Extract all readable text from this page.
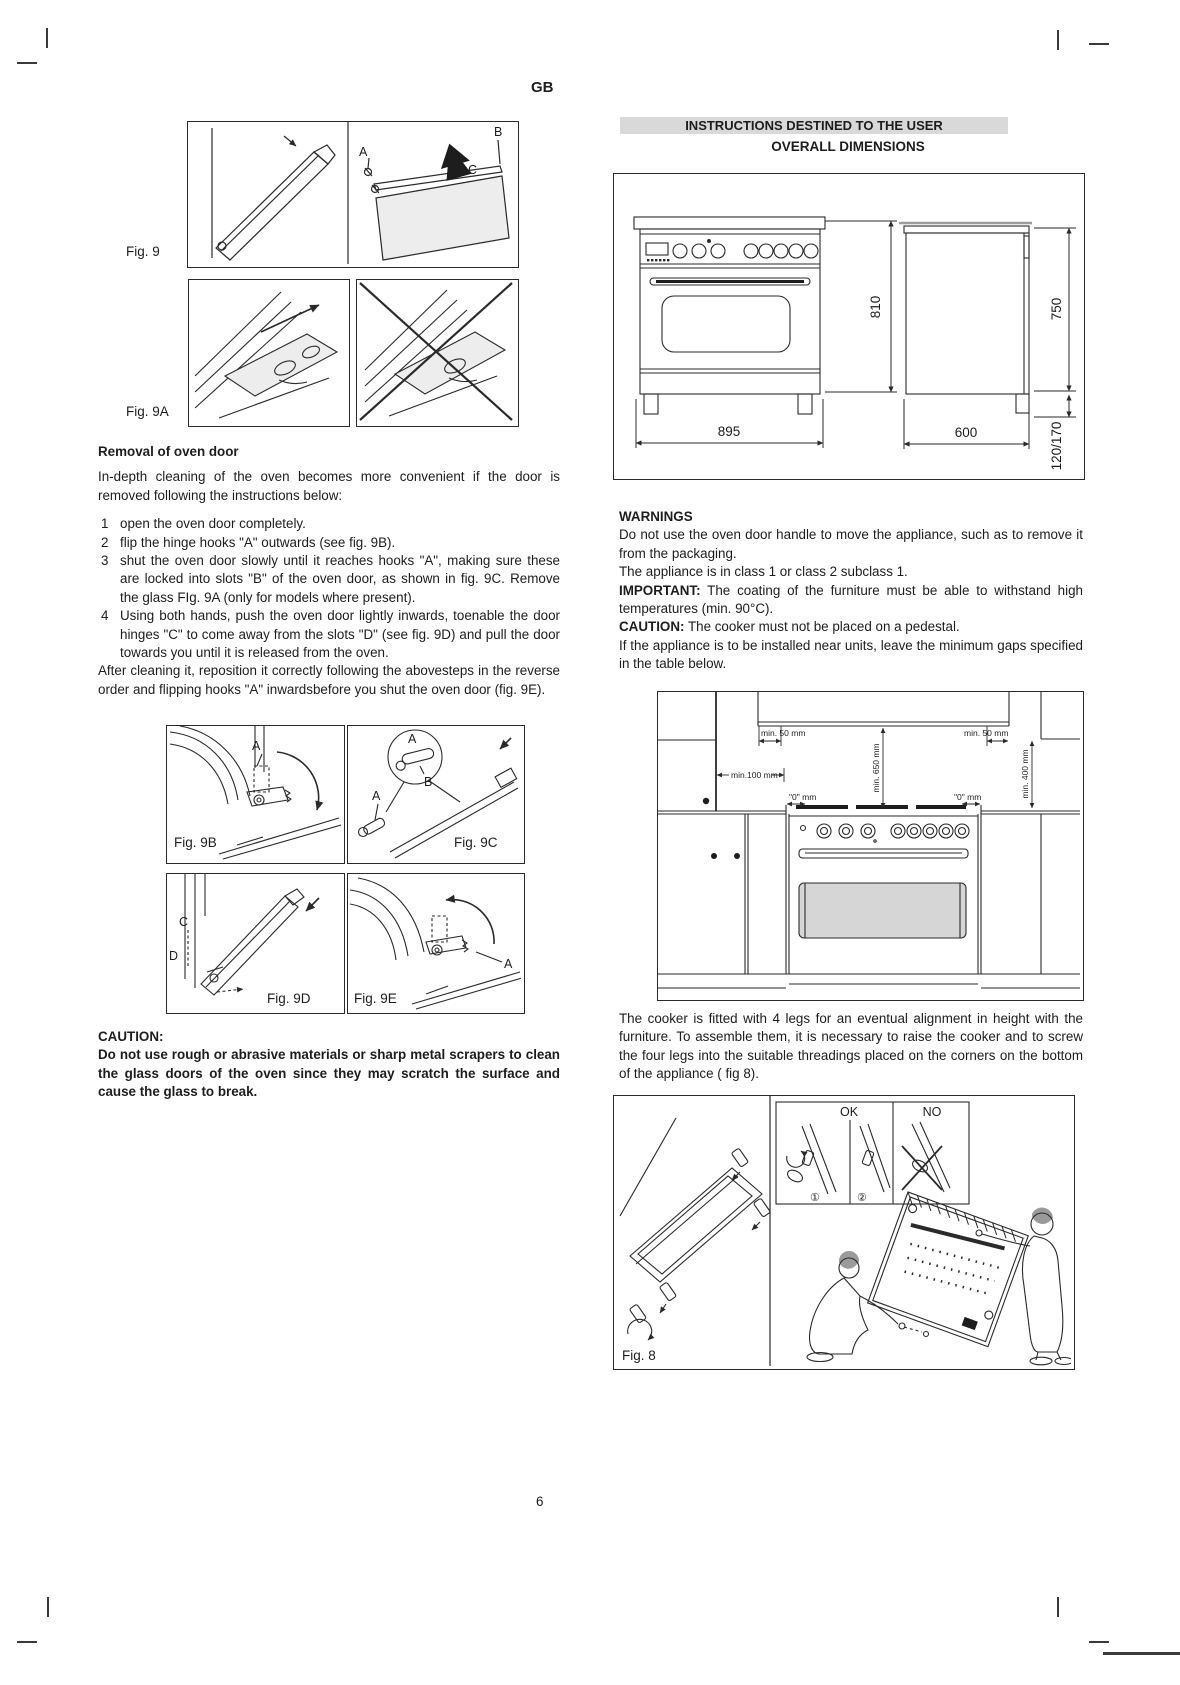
GB
A
B
C
Fig. 9
Fig. 9A
Removal of oven door

In-depth cleaning of the oven becomes more convenient if the door is removed following the instructions below:

1 open the oven door completely.
2 flip the hinge hooks "A" outwards (see fig. 9B).
3 shut the oven door slowly until it reaches hooks "A", making sure these are locked into slots "B" of the oven door, as shown in fig. 9C. Remove the glass FIg. 9A (only for models where present).
4 Using both hands, push the oven door lightly inwards, toenable the door hinges "C" to come away from the slots "D" (see fig. 9D) and pull the door towards you until it is released from the oven.

After cleaning it, reposition it correctly following the abovesteps in the reverse order and flipping hooks "A" inwardsbefore you shut the oven door (fig. 9E).

A
Fig. 9B
A
B
A
Fig. 9C
C
D
Fig. 9D
A
Fig. 9E
CAUTION:
Do not use rough or abrasive materials or sharp metal scrapers to clean the glass doors of the oven since they may scratch the surface and cause the glass to break.
INSTRUCTIONS DESTINED TO THE USER
OVERALL DIMENSIONS
895
810
600
750
120/170
WARNINGS

Do not use the oven door handle to move the appliance, such as to remove it from the packaging.

The appliance is in class 1 or class 2 subclass 1.

IMPORTANT: The coating of the furniture must be able to withstand high temperatures (min. 90°C).

CAUTION: The cooker must not be placed on a pedestal.

If the appliance is to be installed near units, leave the minimum gaps specified in the table below.

min. 50 mm	min. 50 mm
min. 650 mm	min. 400 mm
min.100 mm
"0" mm	"0" mm
The cooker is fitted with 4 legs for an eventual alignment in height with the furniture. To assemble them, it is necessary to raise the cooker and to screw the four legs into the suitable threadings placed on the corners on the bottom of the appliance ( fig 8).
OK	NO
①	②
Fig. 8
6
